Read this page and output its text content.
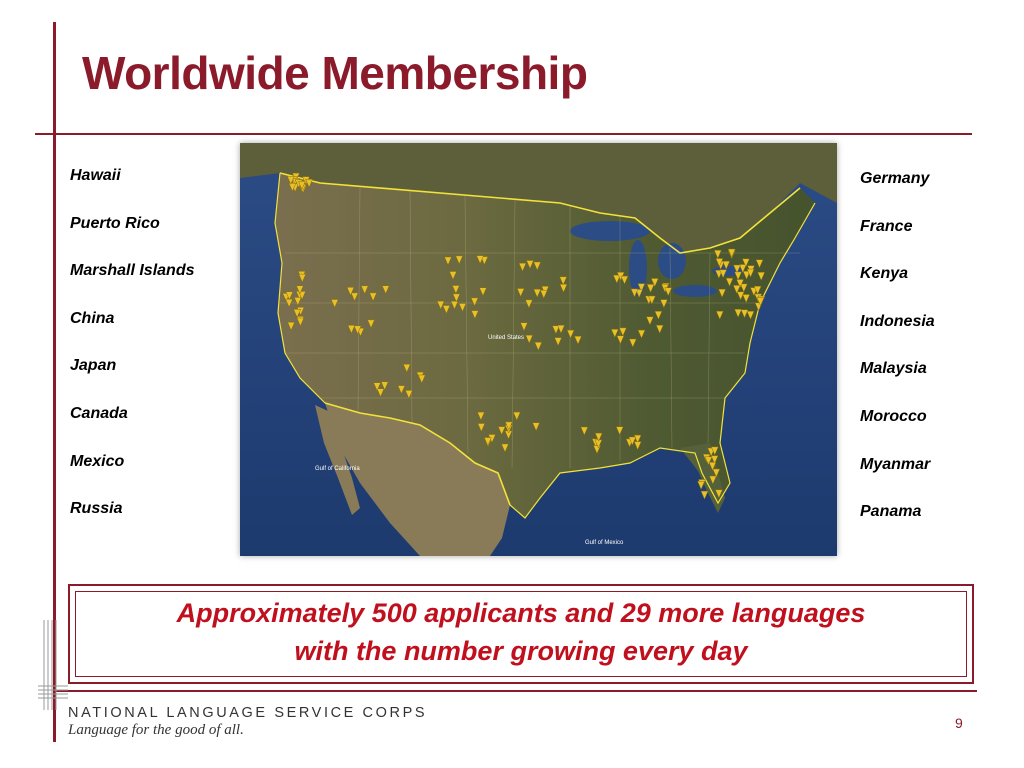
Worldwide Membership
Hawaii
Puerto Rico
Marshall Islands
China
Japan
Canada
Mexico
Russia
Germany
France
Kenya
Indonesia
Malaysia
Morocco
Myanmar
Panama
United States
Gulf of California
Gulf of Mexico

Approximately 500 applicants and 29 more languages
with the number growing every day

NATIONAL LANGUAGE SERVICE CORPS

Language for the good of all.	9
